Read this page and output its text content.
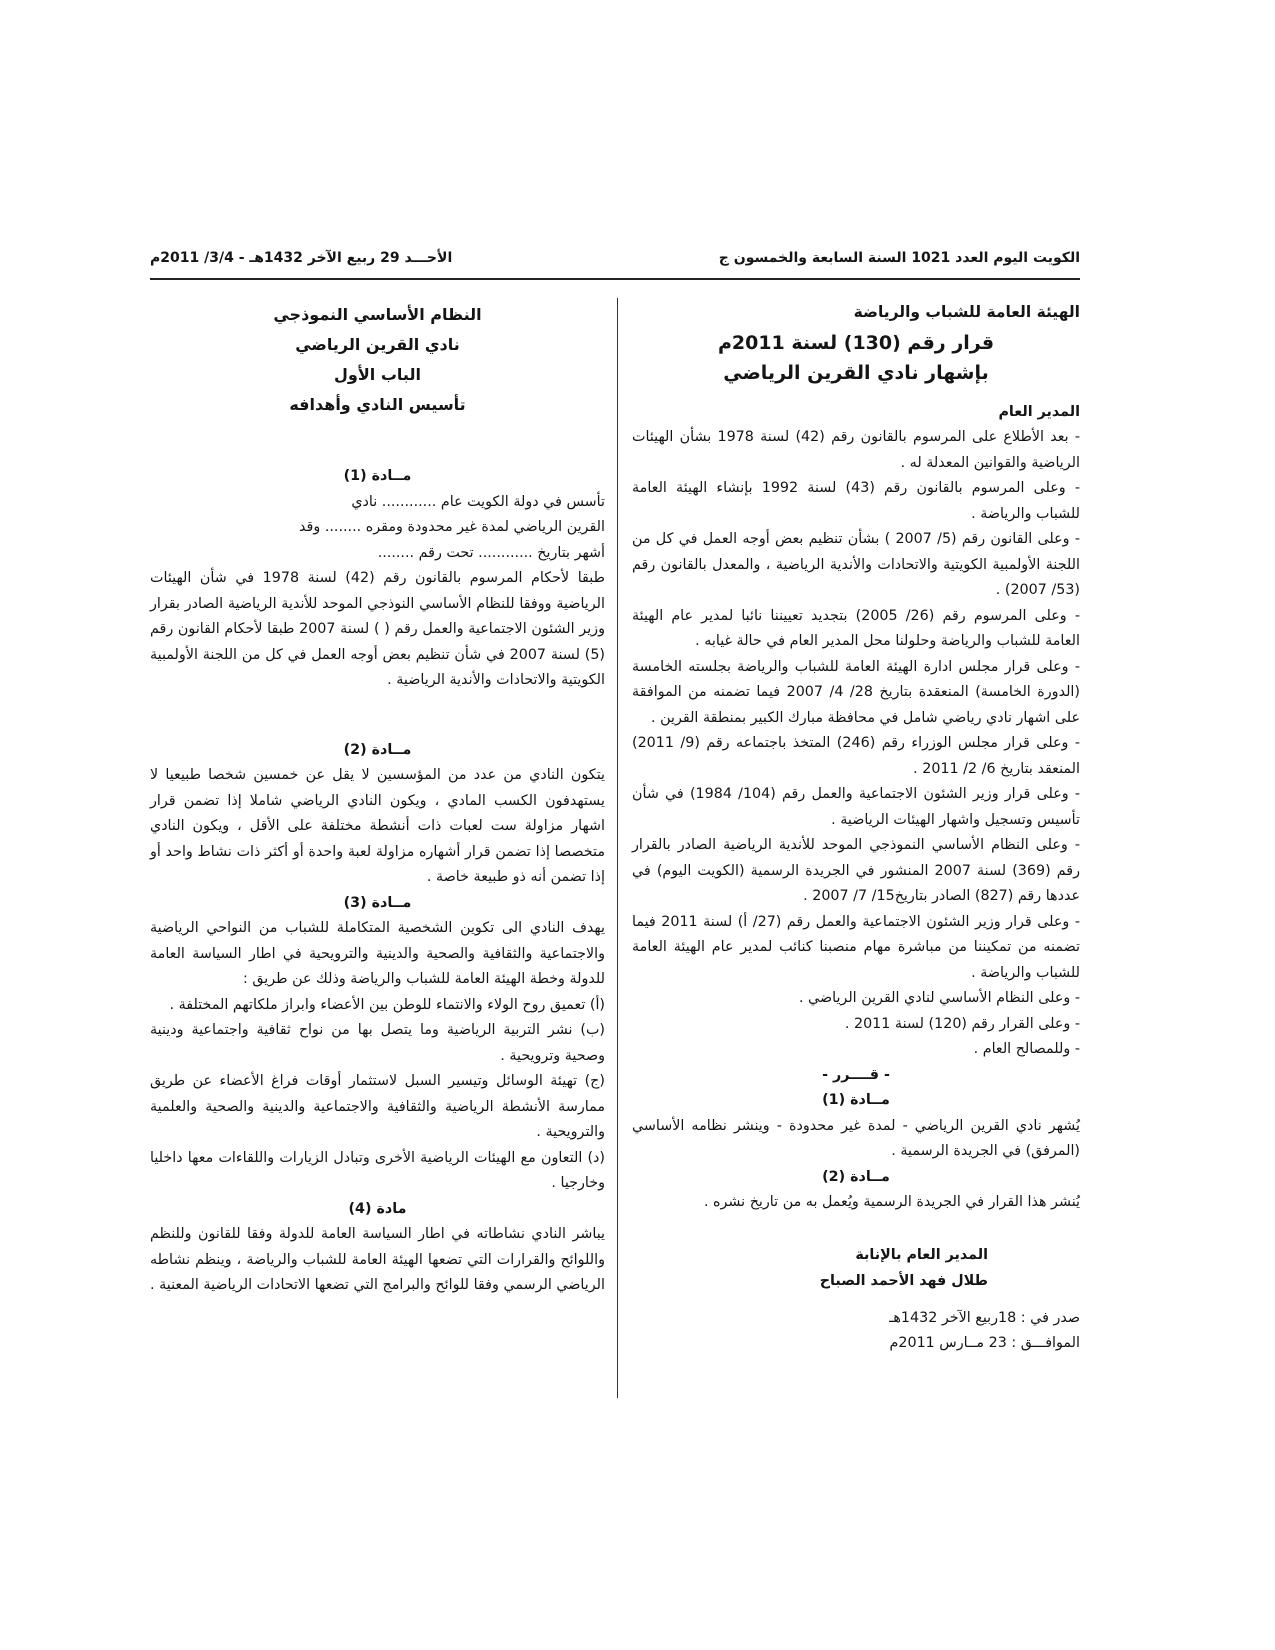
الكويت اليوم العدد 1021 السنة السابعة والخمسون ج
الأحـــد 29 ربيع الآخر 1432هـ - 3/4/ 2011م

الهيئة العامة للشباب والرياضة

قرار رقم (130) لسنة 2011م

بإشهار نادي القرين الرياضي

المدير العام

- بعد الأطلاع على المرسوم بالقانون رقم (42) لسنة 1978 بشأن الهيئات الرياضية والقوانين المعدلة له .

- وعلى المرسوم بالقانون رقم (43) لسنة 1992 بإنشاء الهيئة العامة للشباب والرياضة .

- وعلى القانون رقم (5/ 2007 ) بشأن تنظيم بعض أوجه العمل في كل من اللجنة الأولمبية الكويتية والاتحادات والأندية الرياضية ، والمعدل بالقانون رقم (53/ 2007) .

- وعلى المرسوم رقم (26/ 2005) بتجديد تعييننا نائبا لمدير عام الهيئة العامة للشباب والرياضة وحلولنا محل المدير العام في حالة غيابه .

- وعلى قرار مجلس ادارة الهيئة العامة للشباب والرياضة بجلسته الخامسة (الدورة الخامسة) المنعقدة بتاريخ 28/ 4/ 2007 فيما تضمنه من الموافقة على اشهار نادي رياضي شامل في محافظة مبارك الكبير بمنطقة القرين .

- وعلى قرار مجلس الوزراء رقم (246) المتخذ باجتماعه رقم (9/ 2011) المنعقد بتاريخ 6/ 2/ 2011 .

- وعلى قرار وزير الشئون الاجتماعية والعمل رقم (104/ 1984) في شأن تأسيس وتسجيل واشهار الهيئات الرياضية .

- وعلى النظام الأساسي النموذجي الموحد للأندية الرياضية الصادر بالقرار رقم (369) لسنة 2007 المنشور في الجريدة الرسمية (الكويت اليوم) في عددها رقم (827) الصادر بتاريخ15/ 7/ 2007 .

- وعلى قرار وزير الشئون الاجتماعية والعمل رقم (27/ أ) لسنة 2011 فيما تضمنه من تمكيننا من مباشرة مهام منصبنا كنائب لمدير عام الهيئة العامة للشباب والرياضة .

- وعلى النظام الأساسي لنادي القرين الرياضي .

- وعلى القرار رقم (120) لسنة 2011 .

- وللمصالح العام .

- قــــرر -

مــادة (1)

يُشهر نادي القرين الرياضي - لمدة غير محدودة - وينشر نظامه الأساسي (المرفق) في الجريدة الرسمية .

مــادة (2)

يُنشر هذا القرار في الجريدة الرسمية ويُعمل به من تاريخ نشره .

المدير العام بالإنابة

طلال فهد الأحمد الصباح

صدر في : 18ربيع الآخر 1432هـ

الموافـــق : 23 مــارس 2011م

النظام الأساسي النموذجي

نادي القرين الرياضي

الباب الأول

تأسيس النادي وأهدافه

مــادة (1)

تأسس في دولة الكويت عام ............ نادي

القرين الرياضي لمدة غير محدودة ومقره ........ وقد

أشهر بتاريخ ............ تحت رقم ........

طبقا لأحكام المرسوم بالقانون رقم (42) لسنة 1978 في شأن الهيئات الرياضية ووفقا للنظام الأساسي النوذجي الموحد للأندية الرياضية الصادر بقرار وزير الشئون الاجتماعية والعمل رقم ( ) لسنة 2007 طبقا لأحكام القانون رقم (5) لسنة 2007 في شأن تنظيم بعض أوجه العمل في كل من اللجنة الأولمبية الكويتية والاتحادات والأندية الرياضية .

مــادة (2)

يتكون النادي من عدد من المؤسسين لا يقل عن خمسين شخصا طبيعيا لا يستهدفون الكسب المادي ، ويكون النادي الرياضي شاملا إذا تضمن قرار اشهار مزاولة ست لعبات ذات أنشطة مختلفة على الأقل ، ويكون النادي متخصصا إذا تضمن قرار أشهاره مزاولة لعبة واحدة أو أكثر ذات نشاط واحد أو إذا تضمن أنه ذو طبيعة خاصة .

مــادة (3)

يهدف النادي الى تكوين الشخصية المتكاملة للشباب من النواحي الرياضية والاجتماعية والثقافية والصحية والدينية والترويحية في اطار السياسة العامة للدولة وخطة الهيئة العامة للشباب والرياضة وذلك عن طريق :

(أ) تعميق روح الولاء والانتماء للوطن بين الأعضاء وابراز ملكاتهم المختلفة .

(ب) نشر التربية الرياضية وما يتصل بها من نواح ثقافية واجتماعية ودينية وصحية وترويحية .

(ج) تهيئة الوسائل وتيسير السبل لاستثمار أوقات فراغ الأعضاء عن طريق ممارسة الأنشطة الرياضية والثقافية والاجتماعية والدينية والصحية والعلمية والترويحية .

(د) التعاون مع الهيئات الرياضية الأخرى وتبادل الزيارات واللقاءات معها داخليا وخارجيا .

مادة (4)

يباشر النادي نشاطاته في اطار السياسة العامة للدولة وفقا للقانون وللنظم واللوائح والقرارات التي تضعها الهيئة العامة للشباب والرياضة ، وينظم نشاطه الرياضي الرسمي وفقا للوائح والبرامج التي تضعها الاتحادات الرياضية المعنية .
